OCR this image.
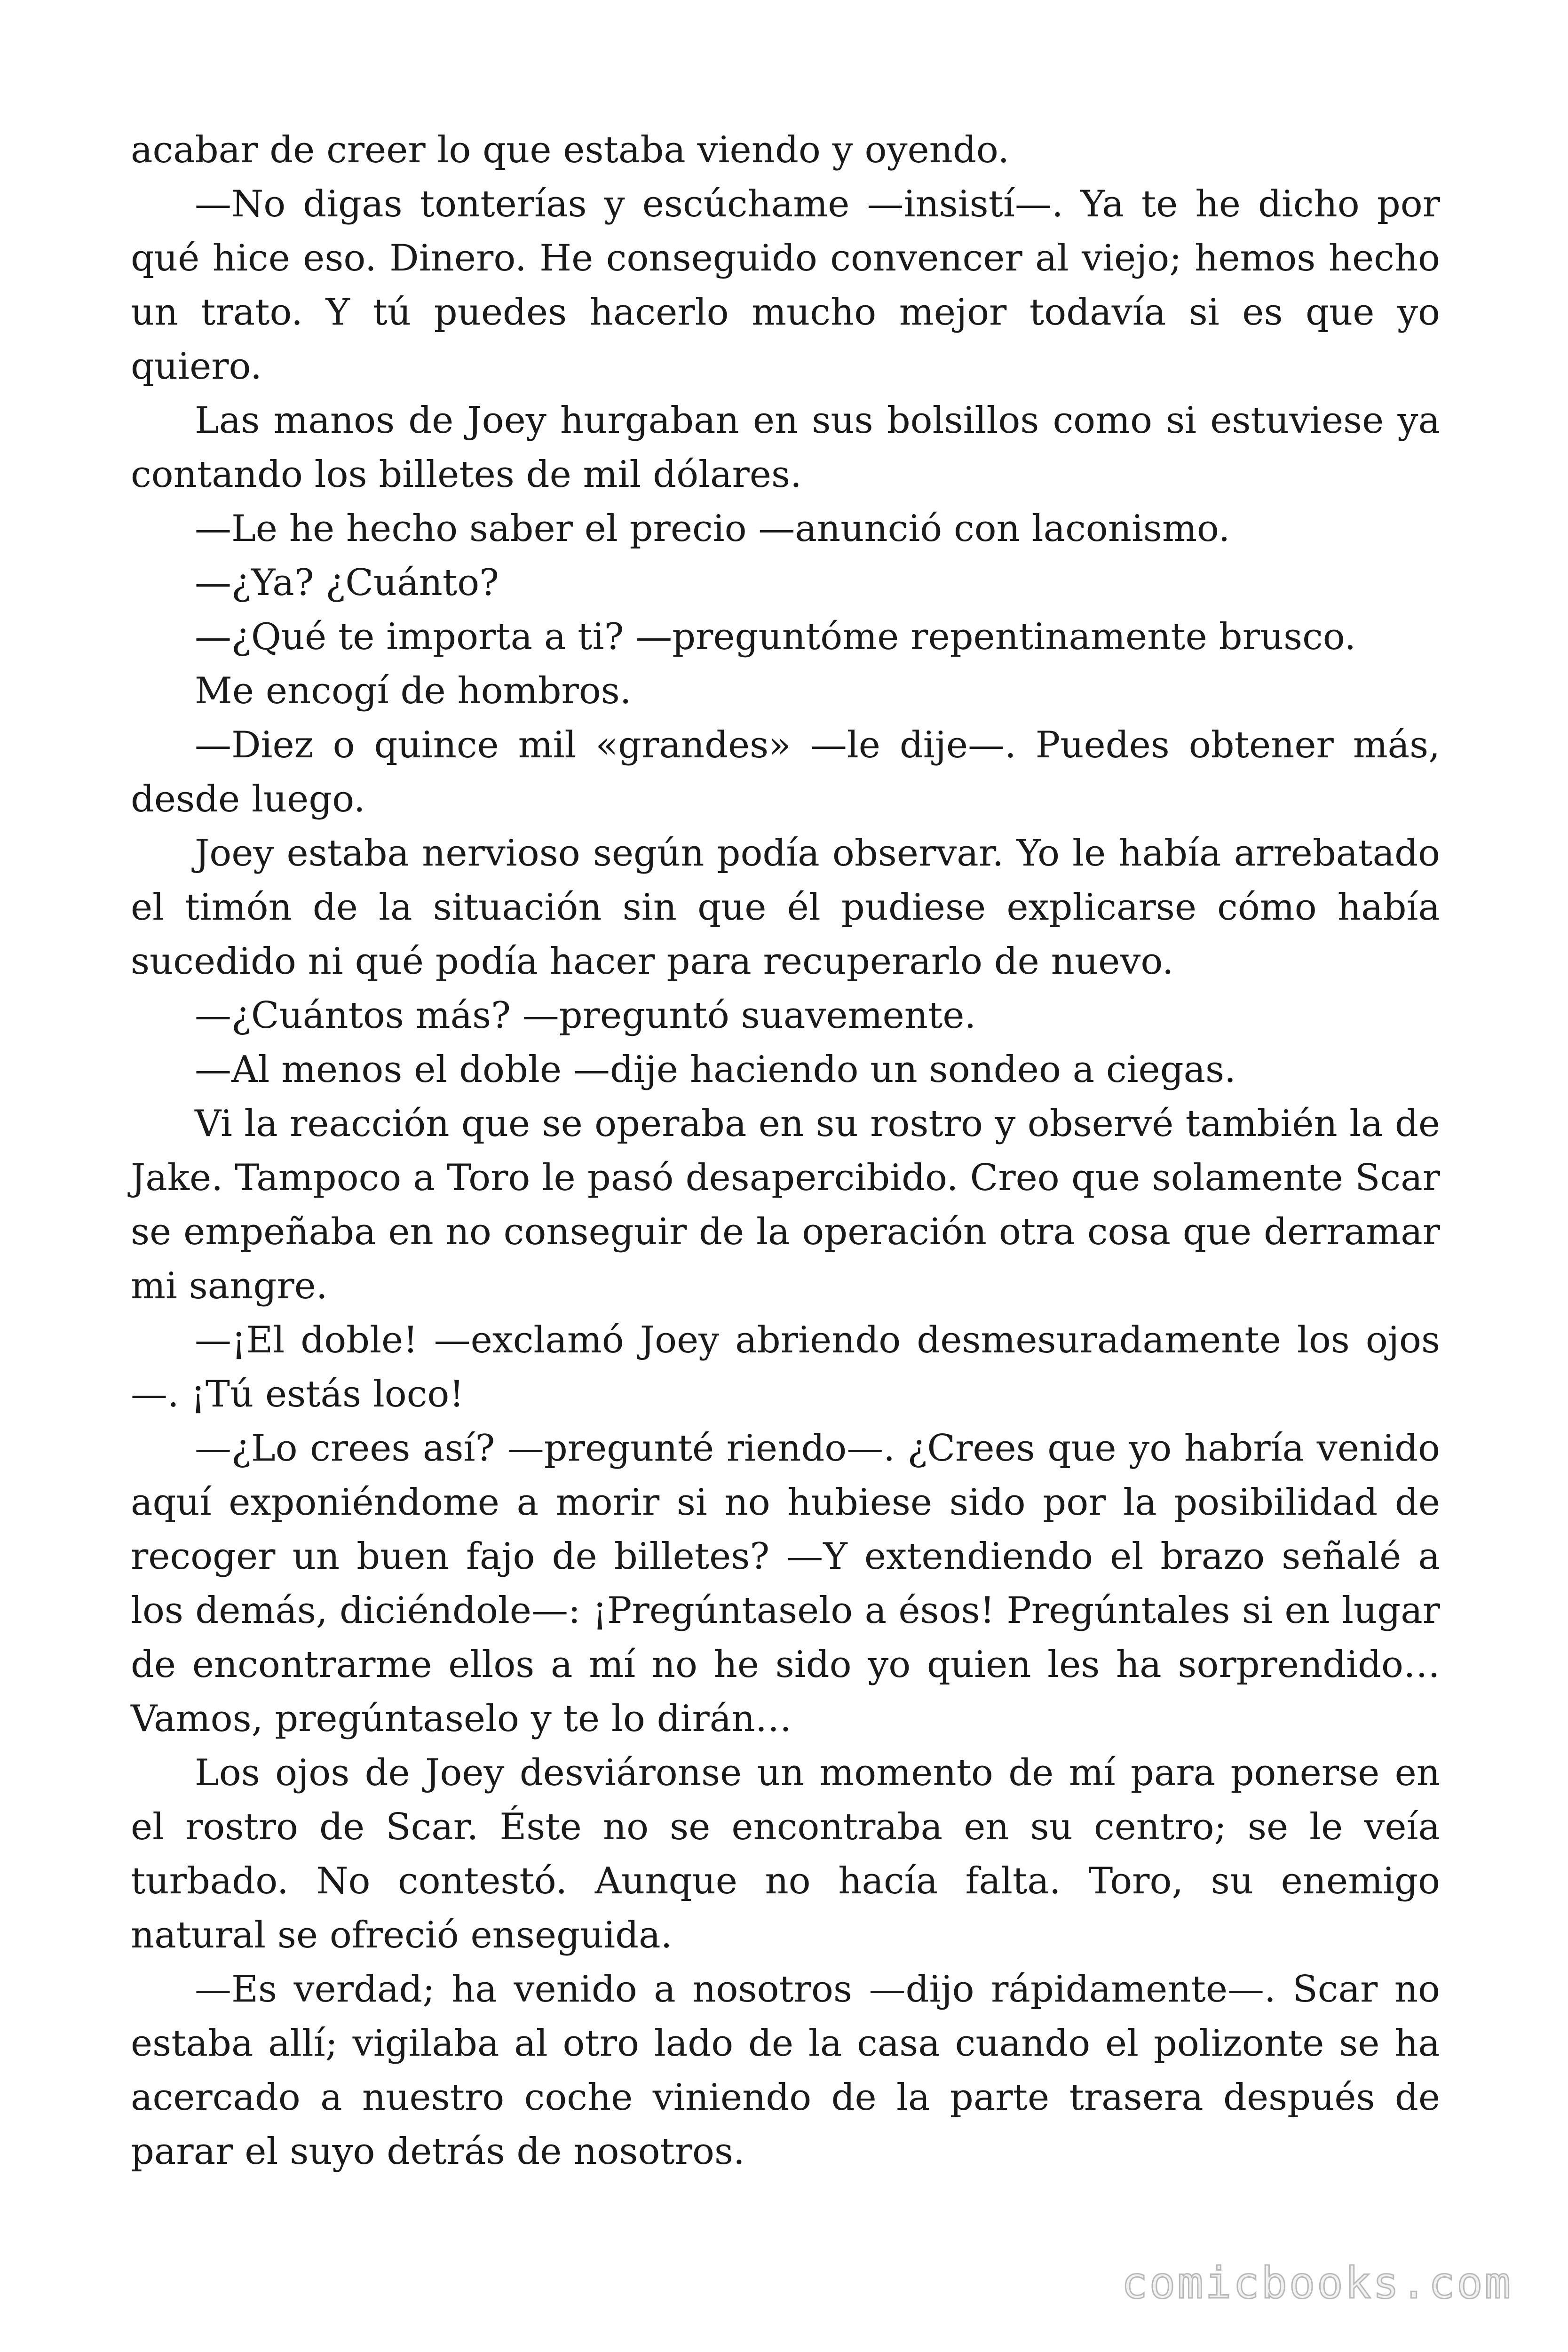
acabar de creer lo que estaba viendo y oyendo.

—No digas tonterías y escúchame —insistí—. Ya te he dicho por qué hice eso. Dinero. He conseguido convencer al viejo; hemos hecho un trato. Y tú puedes hacerlo mucho mejor todavía si es que yo quiero.

Las manos de Joey hurgaban en sus bolsillos como si estuviese ya contando los billetes de mil dólares.

—Le he hecho saber el precio —anunció con laconismo.

—¿Ya? ¿Cuánto?

—¿Qué te importa a ti? —preguntóme repentinamente brusco.

Me encogí de hombros.

—Diez o quince mil «grandes» —le dije—. Puedes obtener más, desde luego.

Joey estaba nervioso según podía observar. Yo le había arrebatado el timón de la situación sin que él pudiese explicarse cómo había sucedido ni qué podía hacer para recuperarlo de nuevo.

—¿Cuántos más? —preguntó suavemente.

—Al menos el doble —dije haciendo un sondeo a ciegas.

Vi la reacción que se operaba en su rostro y observé también la de Jake. Tampoco a Toro le pasó desapercibido. Creo que solamente Scar se empeñaba en no conseguir de la operación otra cosa que derramar mi sangre.

—¡El doble! —exclamó Joey abriendo desmesuradamente los ojos—. ¡Tú estás loco!

—¿Lo crees así? —pregunté riendo—. ¿Crees que yo habría venido aquí exponiéndome a morir si no hubiese sido por la posibilidad de recoger un buen fajo de billetes? —Y extendiendo el brazo señalé a los demás, diciéndole—: ¡Pregúntaselo a ésos! Pregúntales si en lugar de encontrarme ellos a mí no he sido yo quien les ha sorprendido… Vamos, pregúntaselo y te lo dirán…

Los ojos de Joey desviáronse un momento de mí para ponerse en el rostro de Scar. Éste no se encontraba en su centro; se le veía turbado. No contestó. Aunque no hacía falta. Toro, su enemigo natural se ofreció enseguida.

—Es verdad; ha venido a nosotros —dijo rápidamente—. Scar no estaba allí; vigilaba al otro lado de la casa cuando el polizonte se ha acercado a nuestro coche viniendo de la parte trasera después de parar el suyo detrás de nosotros.

comicbooks.com
